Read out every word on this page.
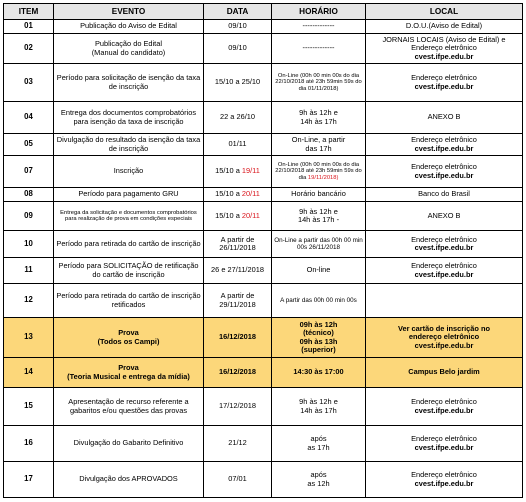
ITEM	EVENTO	DATA	HORÁRIO	LOCAL
01	Publicação do Aviso de Edital	09/10	-------------	D.O.U.(Aviso de Edital)
02	Publicação do Edital
(Manual do candidato)	09/10	-------------	JORNAIS LOCAIS (Aviso de Edital) e
Endereço eletrônico
cvest.ifpe.edu.br
03	Período para solicitação de isenção da taxa de inscrição	15/10 a 25/10	On-Line (00h 00 min 00s do dia 22/10/2018 até 23h 59min 59s do dia 01/11/2018)	Endereço eletrônico
cvest.ifpe.edu.br
04	Entrega dos documentos comprobatórios para isenção da taxa de inscrição	22 a 26/10	9h às 12h e
14h às 17h	ANEXO B
05	Divulgação do resultado da isenção da taxa de inscrição	01/11	On-Line, a partir
das 17h	Endereço eletrônico
cvest.ifpe.edu.br
07	Inscrição	15/10 a 19/11	On-Line (00h 00 min 00s do dia 22/10/2018 até 23h 59min 59s do dia 19/11/2018)	Endereço eletrônico
cvest.ifpe.edu.br
08	Período para pagamento GRU	15/10 a 20/11	Horário bancário	Banco do Brasil
09	Entrega da solicitação e documentos comprobatórios para realização de prova em condições especiais	15/10 a 20/11	9h às 12h e
14h às 17h -	ANEXO B
10	Período para retirada do cartão de inscrição	A partir de
26/11/2018	On-Line a partir das 00h 00 min 00s 26/11/2018	Endereço eletrônico
cvest.ifpe.edu.br
11	Período para SOLICITAÇÃO de retificação do cartão de inscrição	26 e 27/11/2018	On-line	Endereço eletrônico
cvest.ifpe.edu.br
12	Período para retirada do cartão de inscrição retificados	A partir de
29/11/2018	A partir das 00h 00 min 00s	
13	Prova
(Todos os Campi)	16/12/2018	09h às 12h
(técnico)
09h às 13h
(superior)	Ver cartão de inscrição no
endereço eletrônico
cvest.ifpe.edu.br
14	Prova
(Teoria Musical e entrega da mídia)	16/12/2018	14:30 às 17:00	Campus Belo jardim
15	Apresentação de recurso referente a gabaritos e/ou questões das provas	17/12/2018	9h às 12h e
14h às 17h	Endereço eletrônico
cvest.ifpe.edu.br
16	Divulgação do Gabarito Definitivo	21/12	após
as 17h	Endereço eletrônico
cvest.ifpe.edu.br
17	Divulgação dos APROVADOS	07/01	após
as 12h	Endereço eletrônico
cvest.ifpe.edu.br
